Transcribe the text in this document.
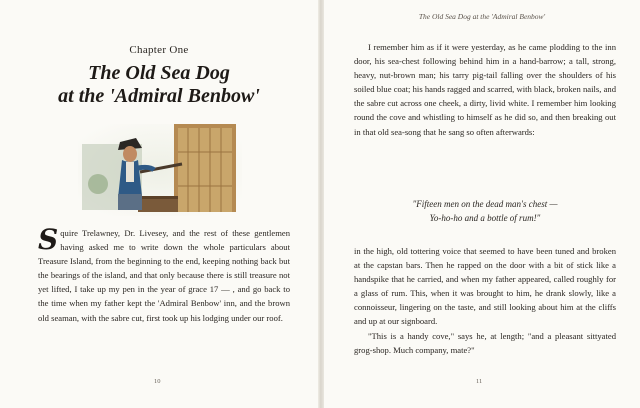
Chapter One
The Old Sea Dog
at the 'Admiral Benbow'
Squire Trelawney, Dr. Livesey, and the rest of these gentlemen having asked me to write down the whole particulars about Treasure Island, from the beginning to the end, keeping nothing back but the bearings of the island, and that only because there is still treasure not yet lifted, I take up my pen in the year of grace 17 — , and go back to the time when my father kept the 'Admiral Benbow' inn, and the brown old seaman, with the sabre cut, first took up his lodging under our roof.
10
The Old Sea Dog at the 'Admiral Benbow'

I remember him as if it were yesterday, as he came plodding to the inn door, his sea-chest following behind him in a hand-barrow; a tall, strong, heavy, nut-brown man; his tarry pig-tail falling over the shoulders of his soiled blue coat; his hands ragged and scarred, with black, broken nails, and the sabre cut across one cheek, a dirty, livid white. I remember him looking round the cove and whistling to himself as he did so, and then breaking out in that old sea-song that he sang so often afterwards:

"Fifteen men on the dead man's chest —
Yo-ho-ho and a bottle of rum!"

in the high, old tottering voice that seemed to have been tuned and broken at the capstan bars. Then he rapped on the door with a bit of stick like a handspike that he carried, and when my father appeared, called roughly for a glass of rum. This, when it was brought to him, he drank slowly, like a connoisseur, lingering on the taste, and still looking about him at the cliffs and up at our signboard.

"This is a handy cove," says he, at length; "and a pleasant sittyated grog-shop. Much company, mate?"

11
